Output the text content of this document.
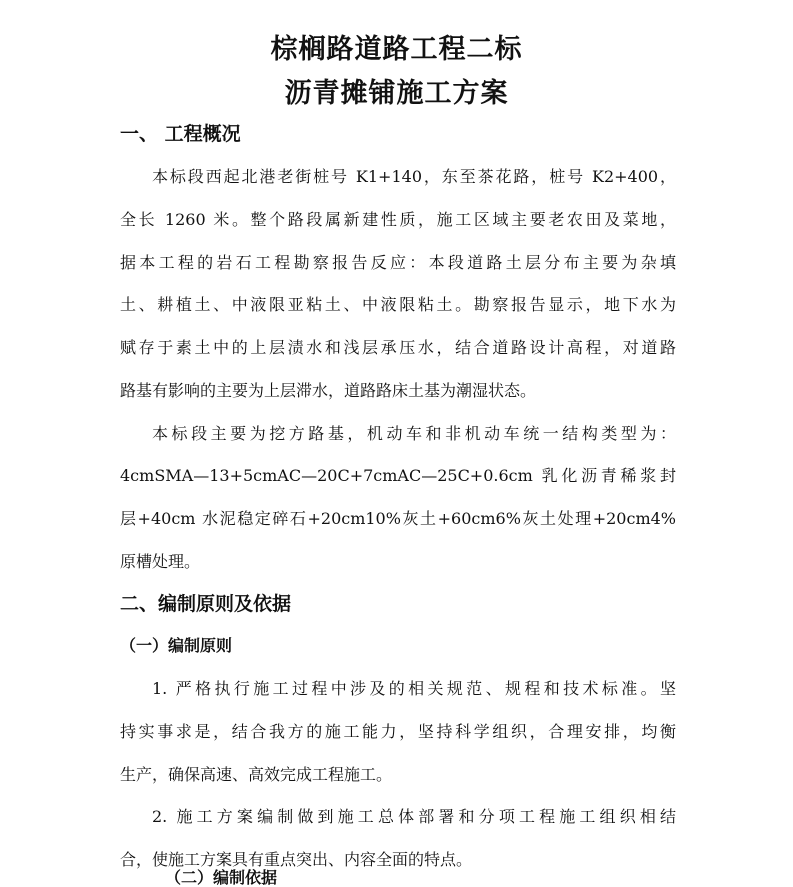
棕榈路道路工程二标
沥青摊铺施工方案
一、 工程概况
本标段西起北港老街桩号 K1+140，东至茶花路，桩号 K2+400，
全长 1260 米。整个路段属新建性质，施工区域主要老农田及菜地，
据本工程的岩石工程勘察报告反应：本段道路土层分布主要为杂填
土、耕植土、中液限亚粘土、中液限粘土。勘察报告显示，地下水为
赋存于素土中的上层渍水和浅层承压水，结合道路设计高程，对道路
路基有影响的主要为上层滞水，道路路床土基为潮湿状态。
本标段主要为挖方路基，机动车和非机动车统一结构类型为：
4cmSMA—13+5cmAC—20C+7cmAC—25C+0.6cm 乳化沥青稀浆封
层+40cm 水泥稳定碎石+20cm10%灰土+60cm6%灰土处理+20cm4%
原槽处理。
二、编制原则及依据
（一）编制原则
1. 严格执行施工过程中涉及的相关规范、规程和技术标准。坚
持实事求是，结合我方的施工能力，坚持科学组织，合理安排，均衡
生产，确保高速、高效完成工程施工。
2. 施工方案编制做到施工总体部署和分项工程施工组织相结
合，使施工方案具有重点突出、内容全面的特点。
（二）编制依据
